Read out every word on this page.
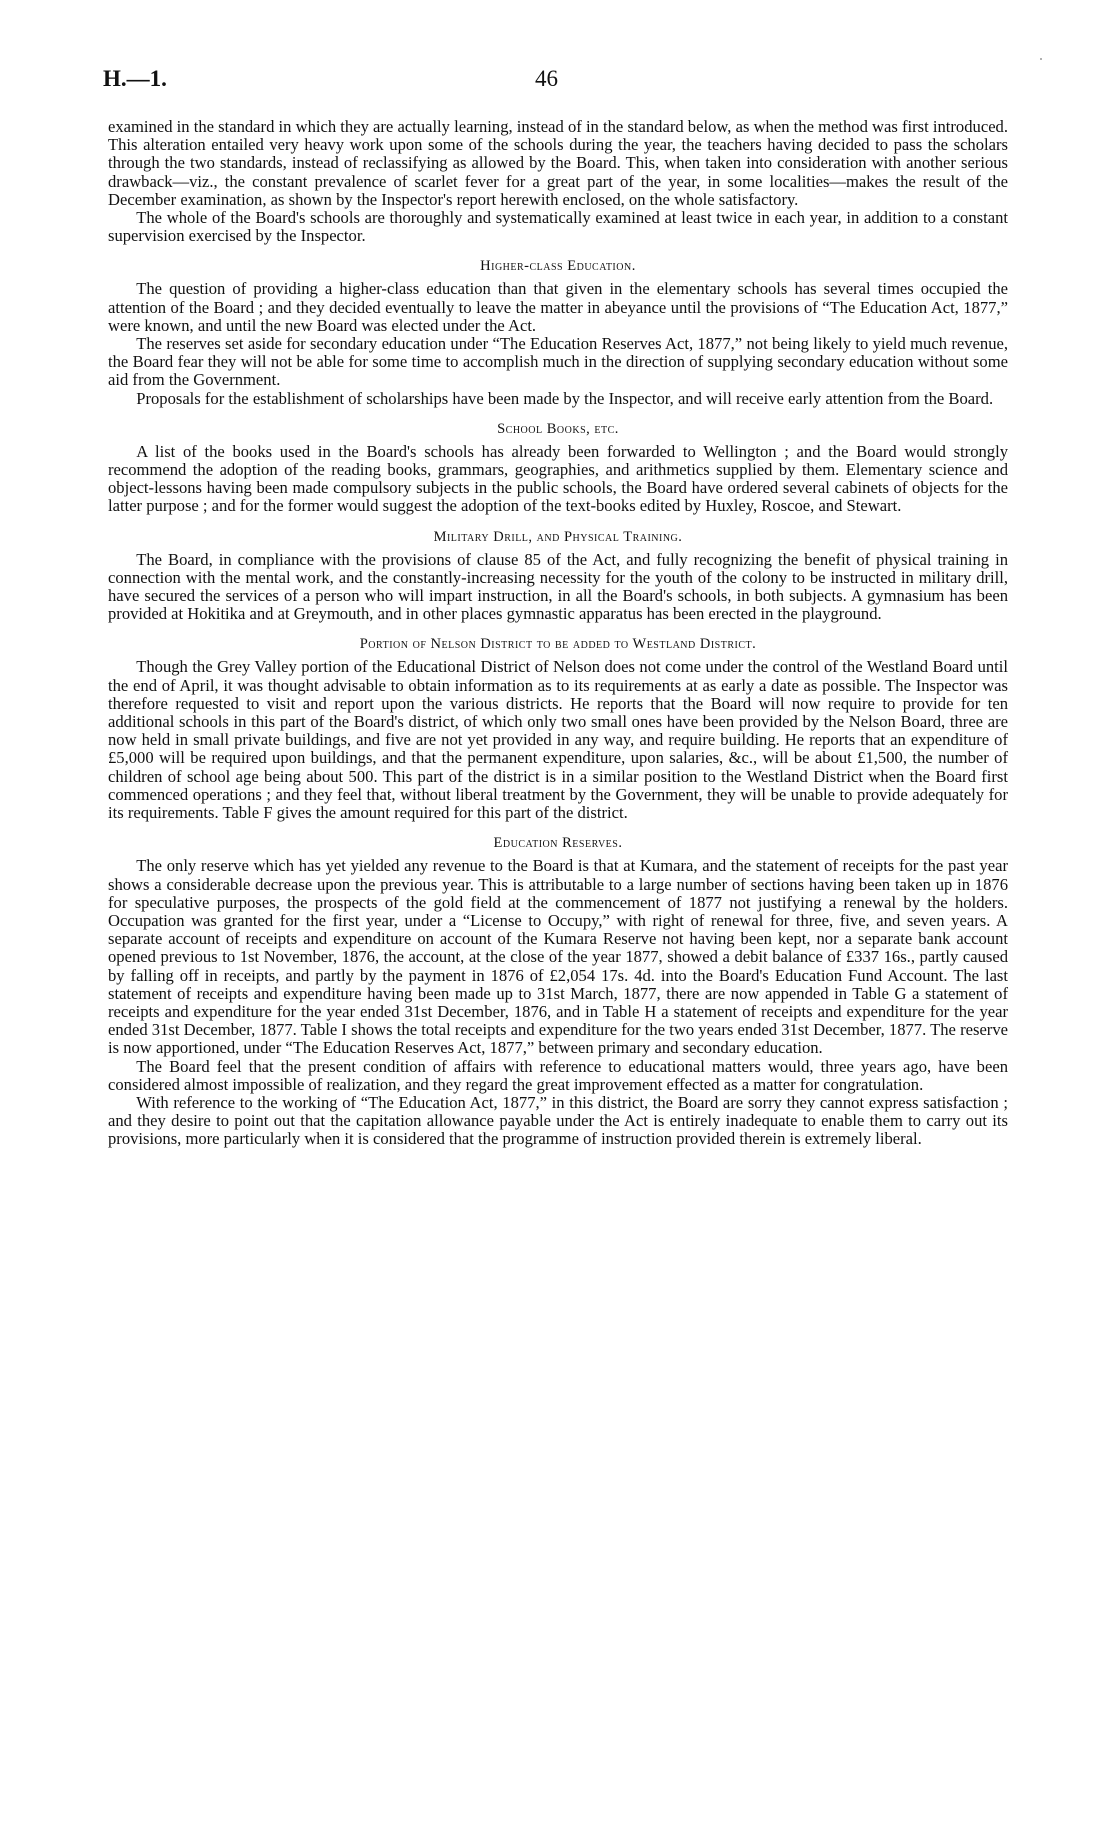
H.—1.	46

examined in the standard in which they are actually learning, instead of in the standard below, as when the method was first introduced. This alteration entailed very heavy work upon some of the schools during the year, the teachers having decided to pass the scholars through the two standards, instead of reclassifying as allowed by the Board. This, when taken into consideration with another serious drawback—viz., the constant prevalence of scarlet fever for a great part of the year, in some localities—makes the result of the December examination, as shown by the Inspector's report herewith enclosed, on the whole satisfactory.

The whole of the Board's schools are thoroughly and systematically examined at least twice in each year, in addition to a constant supervision exercised by the Inspector.

Higher-class Education.

The question of providing a higher-class education than that given in the elementary schools has several times occupied the attention of the Board ; and they decided eventually to leave the matter in abeyance until the provisions of “The Education Act, 1877,” were known, and until the new Board was elected under the Act.

The reserves set aside for secondary education under “The Education Reserves Act, 1877,” not being likely to yield much revenue, the Board fear they will not be able for some time to accomplish much in the direction of supplying secondary education without some aid from the Government.

Proposals for the establishment of scholarships have been made by the Inspector, and will receive early attention from the Board.

School Books, etc.

A list of the books used in the Board's schools has already been forwarded to Wellington ; and the Board would strongly recommend the adoption of the reading books, grammars, geographies, and arithmetics supplied by them. Elementary science and object-lessons having been made compulsory subjects in the public schools, the Board have ordered several cabinets of objects for the latter purpose ; and for the former would suggest the adoption of the text-books edited by Huxley, Roscoe, and Stewart.

Military Drill, and Physical Training.

The Board, in compliance with the provisions of clause 85 of the Act, and fully recognizing the benefit of physical training in connection with the mental work, and the constantly-increasing necessity for the youth of the colony to be instructed in military drill, have secured the services of a person who will impart instruction, in all the Board's schools, in both subjects. A gymnasium has been provided at Hokitika and at Greymouth, and in other places gymnastic apparatus has been erected in the playground.

Portion of Nelson District to be added to Westland District.

Though the Grey Valley portion of the Educational District of Nelson does not come under the control of the Westland Board until the end of April, it was thought advisable to obtain information as to its requirements at as early a date as possible. The Inspector was therefore requested to visit and report upon the various districts. He reports that the Board will now require to provide for ten additional schools in this part of the Board's district, of which only two small ones have been provided by the Nelson Board, three are now held in small private buildings, and five are not yet provided in any way, and require building. He reports that an expenditure of £5,000 will be required upon buildings, and that the permanent expenditure, upon salaries, &c., will be about £1,500, the number of children of school age being about 500. This part of the district is in a similar position to the Westland District when the Board first commenced operations ; and they feel that, without liberal treatment by the Government, they will be unable to provide adequately for its requirements. Table F gives the amount required for this part of the district.

Education Reserves.

The only reserve which has yet yielded any revenue to the Board is that at Kumara, and the statement of receipts for the past year shows a considerable decrease upon the previous year. This is attributable to a large number of sections having been taken up in 1876 for speculative purposes, the prospects of the gold field at the commencement of 1877 not justifying a renewal by the holders. Occupation was granted for the first year, under a “License to Occupy,” with right of renewal for three, five, and seven years. A separate account of receipts and expenditure on account of the Kumara Reserve not having been kept, nor a separate bank account opened previous to 1st November, 1876, the account, at the close of the year 1877, showed a debit balance of £337 16s., partly caused by falling off in receipts, and partly by the payment in 1876 of £2,054 17s. 4d. into the Board's Education Fund Account. The last statement of receipts and expenditure having been made up to 31st March, 1877, there are now appended in Table G a statement of receipts and expenditure for the year ended 31st December, 1876, and in Table H a statement of receipts and expenditure for the year ended 31st December, 1877. Table I shows the total receipts and expenditure for the two years ended 31st December, 1877. The reserve is now apportioned, under “The Education Reserves Act, 1877,” between primary and secondary education.

The Board feel that the present condition of affairs with reference to educational matters would, three years ago, have been considered almost impossible of realization, and they regard the great improvement effected as a matter for congratulation.

With reference to the working of “The Education Act, 1877,” in this district, the Board are sorry they cannot express satisfaction ; and they desire to point out that the capitation allowance payable under the Act is entirely inadequate to enable them to carry out its provisions, more particularly when it is considered that the programme of instruction provided therein is extremely liberal.
